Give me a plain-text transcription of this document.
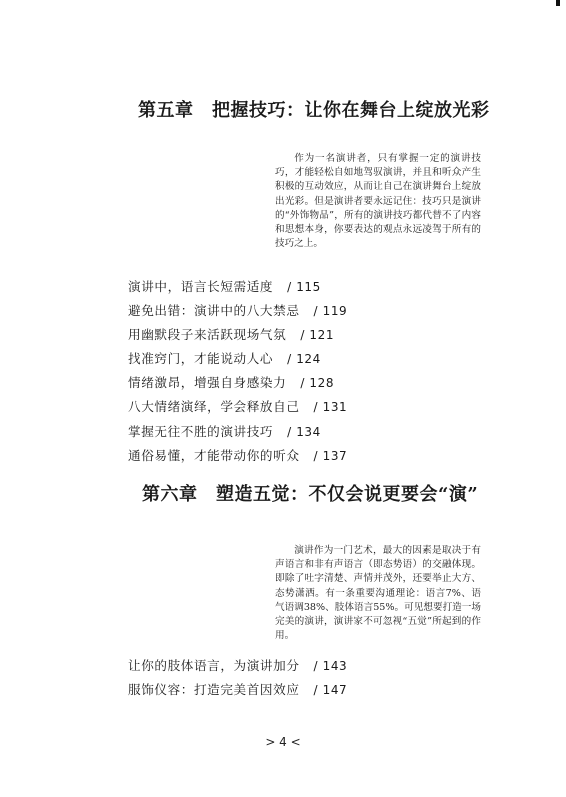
第五章　把握技巧：让你在舞台上绽放光彩

作为一名演讲者，只有掌握一定的演讲技巧，才能轻松自如地驾驭演讲，并且和听众产生积极的互动效应，从而让自己在演讲舞台上绽放出光彩。但是演讲者要永远记住：技巧只是演讲的“外饰物品”，所有的演讲技巧都代替不了内容和思想本身，你要表达的观点永远凌驾于所有的技巧之上。

演讲中，语言长短需适度 / 115
避免出错：演讲中的八大禁忌 / 119
用幽默段子来活跃现场气氛 / 121
找准窍门，才能说动人心 / 124
情绪激昂，增强自身感染力 / 128
八大情绪演绎，学会释放自己 / 131
掌握无往不胜的演讲技巧 / 134
通俗易懂，才能带动你的听众 / 137
第六章　塑造五觉：不仅会说更要会“演”

演讲作为一门艺术，最大的因素是取决于有声语言和非有声语言（即态势语）的交融体现。即除了吐字清楚、声情并茂外，还要举止大方、态势潇洒。有一条重要沟通理论：语言7%、语气语调38%、肢体语言55%。可见想要打造一场完美的演讲，演讲家不可忽视“五觉”所起到的作用。

让你的肢体语言，为演讲加分 / 143
服饰仪容：打造完美首因效应 / 147
> 4 <
